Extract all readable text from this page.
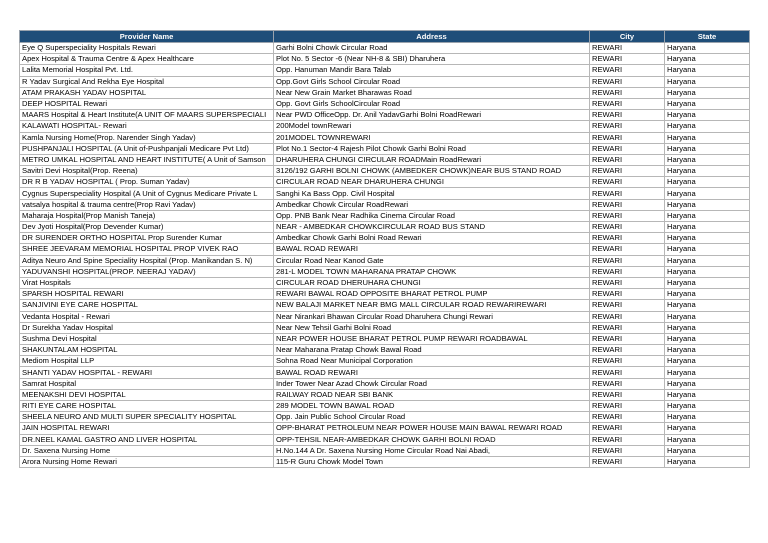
Provider Name	Address	City	State
Eye Q Superspeciality Hospitals Rewari	Garhi Bolni Chowk Circular Road	REWARI	Haryana
Apex Hospital & Trauma Centre & Apex Healthcare	Plot No. 5 Sector -6 (Near NH-8 & SBI) Dharuhera	REWARI	Haryana
Lalita Memorial Hospital Pvt. Ltd.	Opp. Hanuman Mandir Bara Talab	REWARI	Haryana
R Yadav Surgical And Rekha Eye Hospital	Opp.Govt Girls School Circular Road	REWARI	Haryana
ATAM PRAKASH YADAV HOSPITAL	Near New Grain Market Bharawas Road	REWARI	Haryana
DEEP HOSPITAL Rewari	Opp. Govt Girls SchoolCircular Road	REWARI	Haryana
MAARS Hospital & Heart Institute(A UNIT OF MAARS SUPERSPECIALI	Near PWD OfficeOpp. Dr. Anil YadavGarhi Bolni RoadRewari	REWARI	Haryana
KALAWATI HOSPITAL- Rewari	200Model townRewari	REWARI	Haryana
Kamla Nursing Home(Prop. Narender Singh Yadav)	201MODEL TOWNREWARI	REWARI	Haryana
PUSHPANJALI HOSPITAL (A Unit of-Pushpanjali Medicare Pvt Ltd)	Plot No.1 Sector-4 Rajesh Pilot Chowk Garhi Bolni Road	REWARI	Haryana
METRO UMKAL HOSPITAL AND HEART INSTITUTE( A Unit of Samson	DHARUHERA CHUNGI CIRCULAR ROADMain RoadRewari	REWARI	Haryana
Savitri Devi Hospital(Prop. Reena)	3126/192 GARHI BOLNI CHOWK (AMBEDKER CHOWK)NEAR BUS STAND ROAD	REWARI	Haryana
DR R B YADAV HOSPITAL ( Prop. Suman Yadav)	CIRCULAR ROAD NEAR DHARUHERA CHUNGI	REWARI	Haryana
Cygnus Superspeciality Hospital (A Unit of Cygnus Medicare Private L	Sanghi Ka Bass Opp. Civil Hospital	REWARI	Haryana
vatsalya hospital & trauma centre(Prop Ravi Yadav)	Ambedkar Chowk Circular RoadRewari	REWARI	Haryana
Maharaja Hospital(Prop Manish Taneja)	Opp. PNB Bank Near Radhika Cinema Circular Road	REWARI	Haryana
Dev Jyoti Hospital(Prop Devender Kumar)	NEAR - AMBEDKAR CHOWKCIRCULAR ROAD BUS STAND	REWARI	Haryana
DR SURENDER ORTHO HOSPITAL Prop Surender Kumar	Ambedkar Chowk Garhi Bolni Road Rewari	REWARI	Haryana
SHREE JEEVARAM MEMORIAL HOSPITAL PROP VIVEK RAO	BAWAL ROAD REWARI	REWARI	Haryana
Aditya Neuro And Spine Speciality Hospital (Prop. Manikandan S. N)	Circular Road Near Kanod Gate	REWARI	Haryana
YADUVANSHI HOSPITAL(PROP. NEERAJ YADAV)	281-L MODEL TOWN MAHARANA PRATAP CHOWK	REWARI	Haryana
Virat Hospitals	CIRCULAR ROAD DHERUHARA CHUNGI	REWARI	Haryana
SPARSH HOSPITAL REWARI	REWARI BAWAL ROAD OPPOSITE BHARAT PETROL PUMP	REWARI	Haryana
SANJIVINI EYE CARE HOSPITAL	NEW BALAJI MARKET NEAR BMG MALL CIRCULAR ROAD REWARIREWARI	REWARI	Haryana
Vedanta Hospital - Rewari	Near Nirankari Bhawan Circular Road Dharuhera Chungi Rewari	REWARI	Haryana
Dr Surekha Yadav Hospital	Near New Tehsil Garhi Bolni Road	REWARI	Haryana
Sushma Devi Hospital	NEAR POWER HOUSE BHARAT PETROL PUMP REWARI ROADBAWAL	REWARI	Haryana
SHAKUNTALAM HOSPITAL	Near Maharana Pratap Chowk Bawal Road	REWARI	Haryana
Mediom Hospital LLP	Sohna Road Near Municipal Corporation	REWARI	Haryana
SHANTI YADAV HOSPITAL - REWARI	BAWAL ROAD REWARI	REWARI	Haryana
Samrat Hospital	Inder Tower Near Azad Chowk Circular Road	REWARI	Haryana
MEENAKSHI DEVI HOSPITAL	RAILWAY ROAD NEAR SBI BANK	REWARI	Haryana
RITI EYE CARE HOSPITAL	289 MODEL TOWN BAWAL ROAD	REWARI	Haryana
SHEELA NEURO AND MULTI SUPER SPECIALITY HOSPITAL	Opp. Jain Public School Circular Road	REWARI	Haryana
JAIN HOSPITAL REWARI	OPP-BHARAT PETROLEUM NEAR POWER HOUSE MAIN BAWAL REWARI ROAD	REWARI	Haryana
DR.NEEL KAMAL GASTRO AND LIVER HOSPITAL	OPP-TEHSIL NEAR-AMBEDKAR CHOWK GARHI BOLNI ROAD	REWARI	Haryana
Dr. Saxena Nursing Home	H.No.144 A Dr. Saxena Nursing Home Circular Road Nai Abadi,	REWARI	Haryana
Arora Nursing Home Rewari	115-R Guru Chowk Model Town	REWARI	Haryana
